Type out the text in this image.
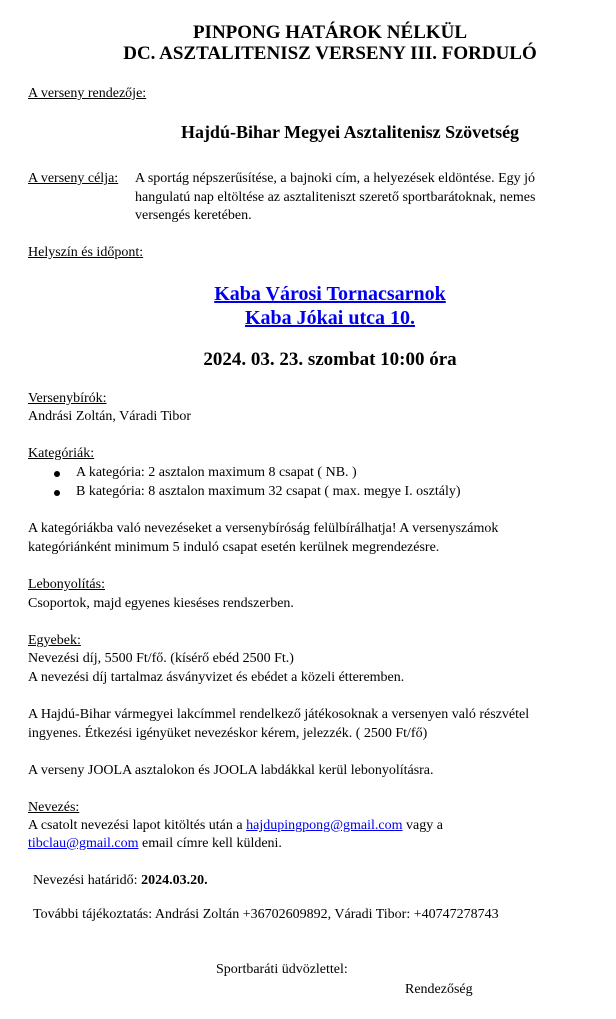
PINPONG HATÁROK NÉLKÜL
DC. ASZTALITENISZ VERSENY III. FORDULÓ
A verseny rendezője:
Hajdú-Bihar Megyei Asztalitenisz Szövetség
A verseny célja: A sportág népszerűsítése, a bajnoki cím, a helyezések eldöntése. Egy jó
hangulatú nap eltöltése az asztaliteniszt szerető sportbarátoknak, nemes
versengés keretében.
Helyszín és időpont:
Kaba Városi Tornacsarnok
Kaba Jókai utca 10.
2024. 03. 23. szombat 10:00 óra
Versenybírók:
Andrási Zoltán, Váradi Tibor
Kategóriák:
A kategória: 2 asztalon maximum 8 csapat ( NB. )
B kategória: 8 asztalon maximum 32 csapat ( max. megye I. osztály)
A kategóriákba való nevezéseket a versenybíróság felülbírálhatja! A versenyszámok
kategóriánként minimum 5 induló csapat esetén kerülnek megrendezésre.
Lebonyolítás:
Csoportok, majd egyenes kieséses rendszerben.
Egyebek:
Nevezési díj, 5500 Ft/fő. (kísérő ebéd 2500 Ft.)
A nevezési díj tartalmaz ásványvizet és ebédet a közeli étteremben.
A Hajdú-Bihar vármegyei lakcímmel rendelkező játékosoknak a versenyen való részvétel
ingyenes. Étkezési igényüket nevezéskor kérem, jelezzék. ( 2500 Ft/fő)
A verseny JOOLA asztalokon és JOOLA labdákkal kerül lebonyolításra.
Nevezés:
A csatolt nevezési lapot kitöltés után a hajdupingpong@gmail.com vagy a
tibclau@gmail.com email címre kell küldeni.
Nevezési határidő: 2024.03.20.
További tájékoztatás: Andrási Zoltán +36702609892, Váradi Tibor: +40747278743
Sportbaráti üdvözlettel:
Rendezőség
